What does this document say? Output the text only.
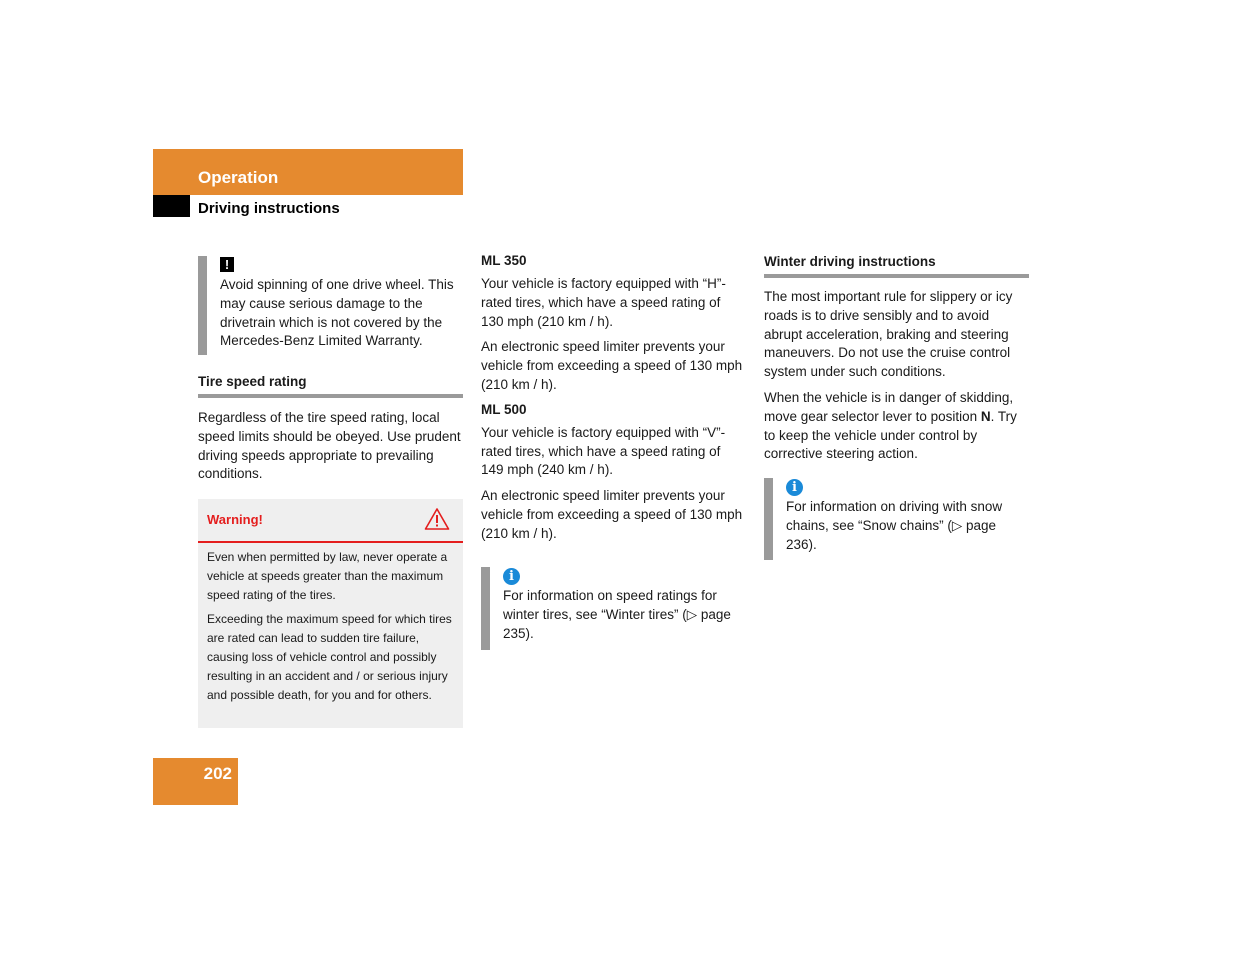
Operation
Driving instructions
!

Avoid spinning of one drive wheel. This may cause serious damage to the drivetrain which is not covered by the Mercedes-Benz Limited Warranty.

Tire speed rating

Regardless of the tire speed rating, local speed limits should be obeyed. Use prudent driving speeds appropriate to prevailing conditions.

Warning!

Even when permitted by law, never operate a vehicle at speeds greater than the maximum speed rating of the tires.

Exceeding the maximum speed for which tires are rated can lead to sudden tire failure, causing loss of vehicle control and possibly resulting in an accident and / or serious injury and possible death, for you and for others.

ML 350

Your vehicle is factory equipped with “H”-rated tires, which have a speed rating of 130 mph (210 km / h).

An electronic speed limiter prevents your vehicle from exceeding a speed of 130 mph (210 km / h).

ML 500

Your vehicle is factory equipped with “V”-rated tires, which have a speed rating of 149 mph (240 km / h).

An electronic speed limiter prevents your vehicle from exceeding a speed of 130 mph (210 km / h).

i

For information on speed ratings for winter tires, see “Winter tires” (▷ page 235).

Winter driving instructions

The most important rule for slippery or icy roads is to drive sensibly and to avoid abrupt acceleration, braking and steering maneuvers. Do not use the cruise control system under such conditions.

When the vehicle is in danger of skidding, move gear selector lever to position N. Try to keep the vehicle under control by corrective steering action.

i

For information on driving with snow chains, see “Snow chains” (▷ page 236).

202
